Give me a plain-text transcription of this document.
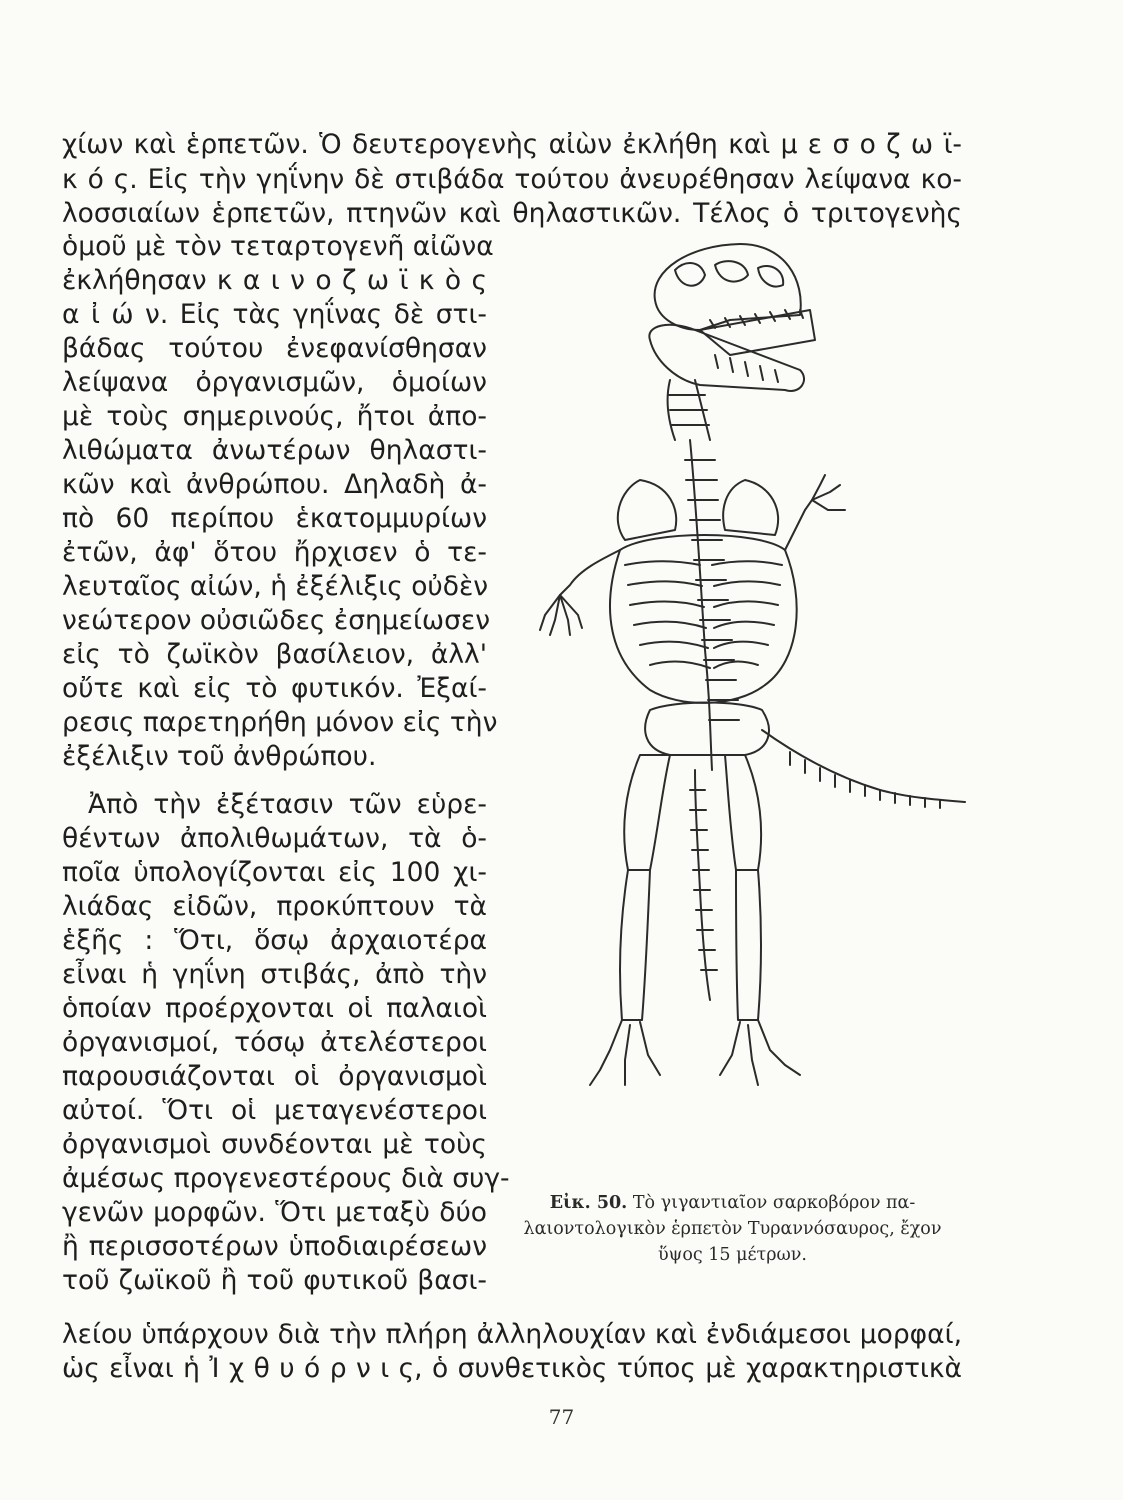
χίων καὶ ἑρπετῶν. Ὁ δευτερογενὴς αἰὼν ἐκλήθη καὶ μ ε σ ο ζ ω ϊ-
κ ό ς. Εἰς τὴν γηΐνην δὲ στιβάδα τούτου ἀνευρέθησαν λείψανα κο-
λοσσιαίων ἑρπετῶν, πτηνῶν καὶ θηλαστικῶν. Τέλος ὁ τριτογενὴς
ὁμοῦ μὲ τὸν τεταρτογενῆ αἰῶνα
ἐκλήθησαν κ α ι ν ο ζ ω ϊ κ ὸ ς
α ἰ ώ ν. Εἰς τὰς γηΐνας δὲ στι-
βάδας τούτου ἐνεφανίσθησαν
λείψανα ὀργανισμῶν, ὁμοίων
μὲ τοὺς σημερινούς, ἤτοι ἀπο-
λιθώματα ἀνωτέρων θηλαστι-
κῶν καὶ ἀνθρώπου. Δηλαδὴ ἀ-
πὸ 60 περίπου ἑκατομμυρίων
ἐτῶν, ἀφ' ὅτου ἤρχισεν ὁ τε-
λευταῖος αἰών, ἡ ἐξέλιξις οὐδὲν
νεώτερον οὐσιῶδες ἐσημείωσεν
εἰς τὸ ζωϊκὸν βασίλειον, ἀλλ'
οὔτε καὶ εἰς τὸ φυτικόν. Ἐξαί-
ρεσις παρετηρήθη μόνον εἰς τὴν
ἐξέλιξιν τοῦ ἀνθρώπου.
Ἀπὸ τὴν ἐξέτασιν τῶν εὑρε-
θέντων ἀπολιθωμάτων, τὰ ὁ-
ποῖα ὑπολογίζονται εἰς 100 χι-
λιάδας εἰδῶν, προκύπτουν τὰ
ἑξῆς : Ὅτι, ὅσῳ ἀρχαιοτέρα
εἶναι ἡ γηΐνη στιβάς, ἀπὸ τὴν
ὁποίαν προέρχονται οἱ παλαιοὶ
ὀργανισμοί, τόσῳ ἀτελέστεροι
παρουσιάζονται οἱ ὀργανισμοὶ
αὐτοί. Ὅτι οἱ μεταγενέστεροι
ὀργανισμοὶ συνδέονται μὲ τοὺς
ἀμέσως προγενεστέρους διὰ συγ-
γενῶν μορφῶν. Ὅτι μεταξὺ δύο
ἢ περισσοτέρων ὑποδιαιρέσεων
τοῦ ζωϊκοῦ ἢ τοῦ φυτικοῦ βασι-
Εἰκ. 50. Τὸ γιγαντιαῖον σαρκοβόρον πα-λαιοντολογικὸν ἑρπετὸν Τυραννόσαυρος, ἔχον ὕψος 15 μέτρων.
λείου ὑπάρχουν διὰ τὴν πλήρη ἀλληλουχίαν καὶ ἐνδιάμεσοι μορφαί,
ὡς εἶναι ἡ Ἰ χ θ υ ό ρ ν ι ς, ὁ συνθετικὸς τύπος μὲ χαρακτηριστικὰ
77
